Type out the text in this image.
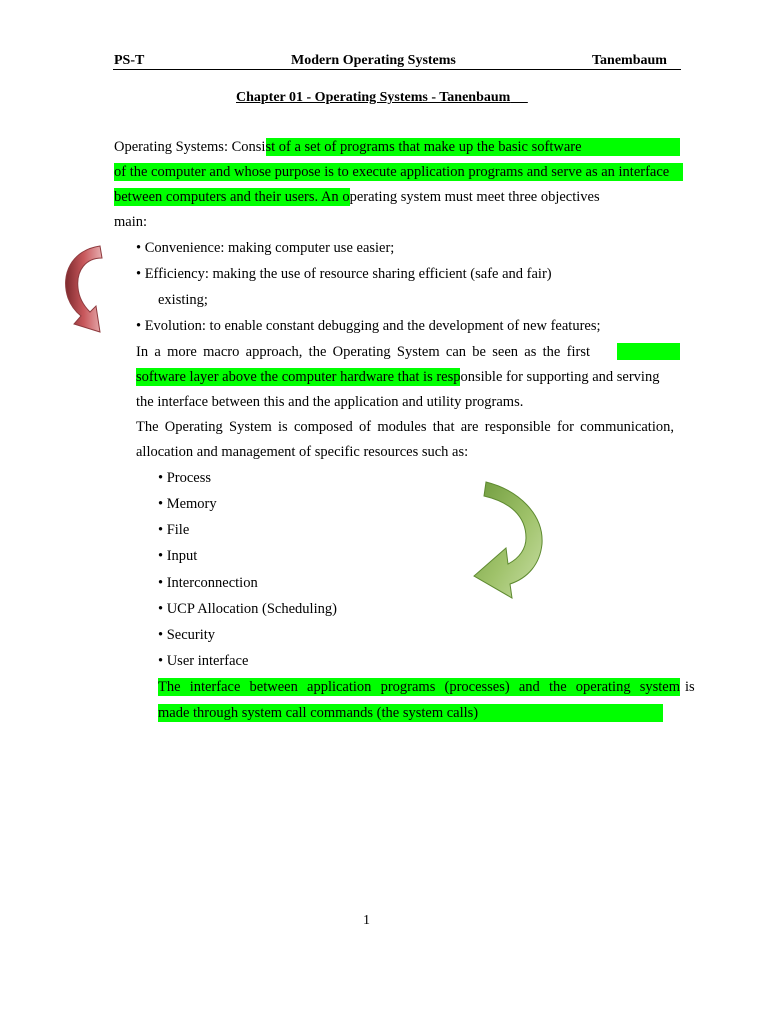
PS-T	Modern Operating Systems	Tanembaum
Chapter 01 - Operating Systems - Tanenbaum
Operating Systems: Consist of a set of programs that make up the basic software
of the computer and whose purpose is to execute application programs and serve as an interface
between computers and their users. An operating system must meet three objectives
main:
• Convenience: making computer use easier;
• Efficiency: making the use of resource sharing efficient (safe and fair)
existing;
• Evolution: to enable constant debugging and the development of new features;
In a more macro approach, the Operating System can be seen as the first
software layer above the computer hardware that is responsible for supporting and serving
the interface between this and the application and utility programs.
The Operating System is composed of modules that are responsible for communication,
allocation and management of specific resources such as:
• Process
• Memory
• File
• Input
• Interconnection
• UCP Allocation (Scheduling)
• Security
• User interface
The interface between application programs (processes) and the operating system is
made through system call commands (the system calls)
1
